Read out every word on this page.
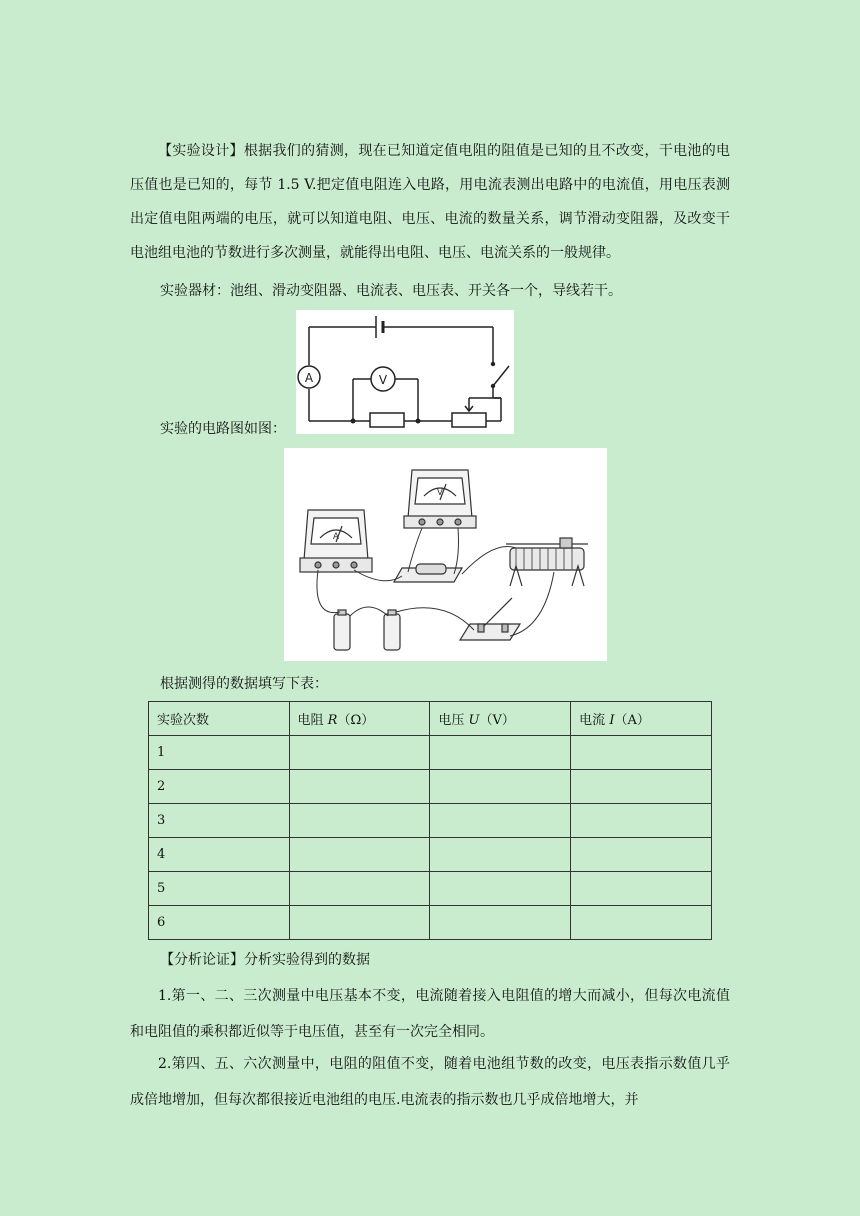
【实验设计】根据我们的猜测，现在已知道定值电阻的阻值是已知的且不改变，干电池的电压值也是已知的，每节 1.5 V.把定值电阻连入电路，用电流表测出电路中的电流值，用电压表测出定值电阻两端的电压，就可以知道电阻、电压、电流的数量关系，调节滑动变阻器，及改变干电池组电池的节数进行多次测量，就能得出电阻、电压、电流关系的一般规律。

实验器材：池组、滑动变阻器、电流表、电压表、开关各一个，导线若干。
A	V
实验的电路图如图：
V
A
根据测得的数据填写下表：
实验次数	电阻 R（Ω）	电压 U（V）	电流 I（A）
1			
2			
3			
4			
5			
6			
【分析论证】分析实验得到的数据

1.第一、二、三次测量中电压基本不变，电流随着接入电阻值的增大而减小，但每次电流值和电阻值的乘积都近似等于电压值，甚至有一次完全相同。

2.第四、五、六次测量中，电阻的阻值不变，随着电池组节数的改变，电压表指示数值几乎成倍地增加，但每次都很接近电池组的电压.电流表的指示数也几乎成倍地增大，并
